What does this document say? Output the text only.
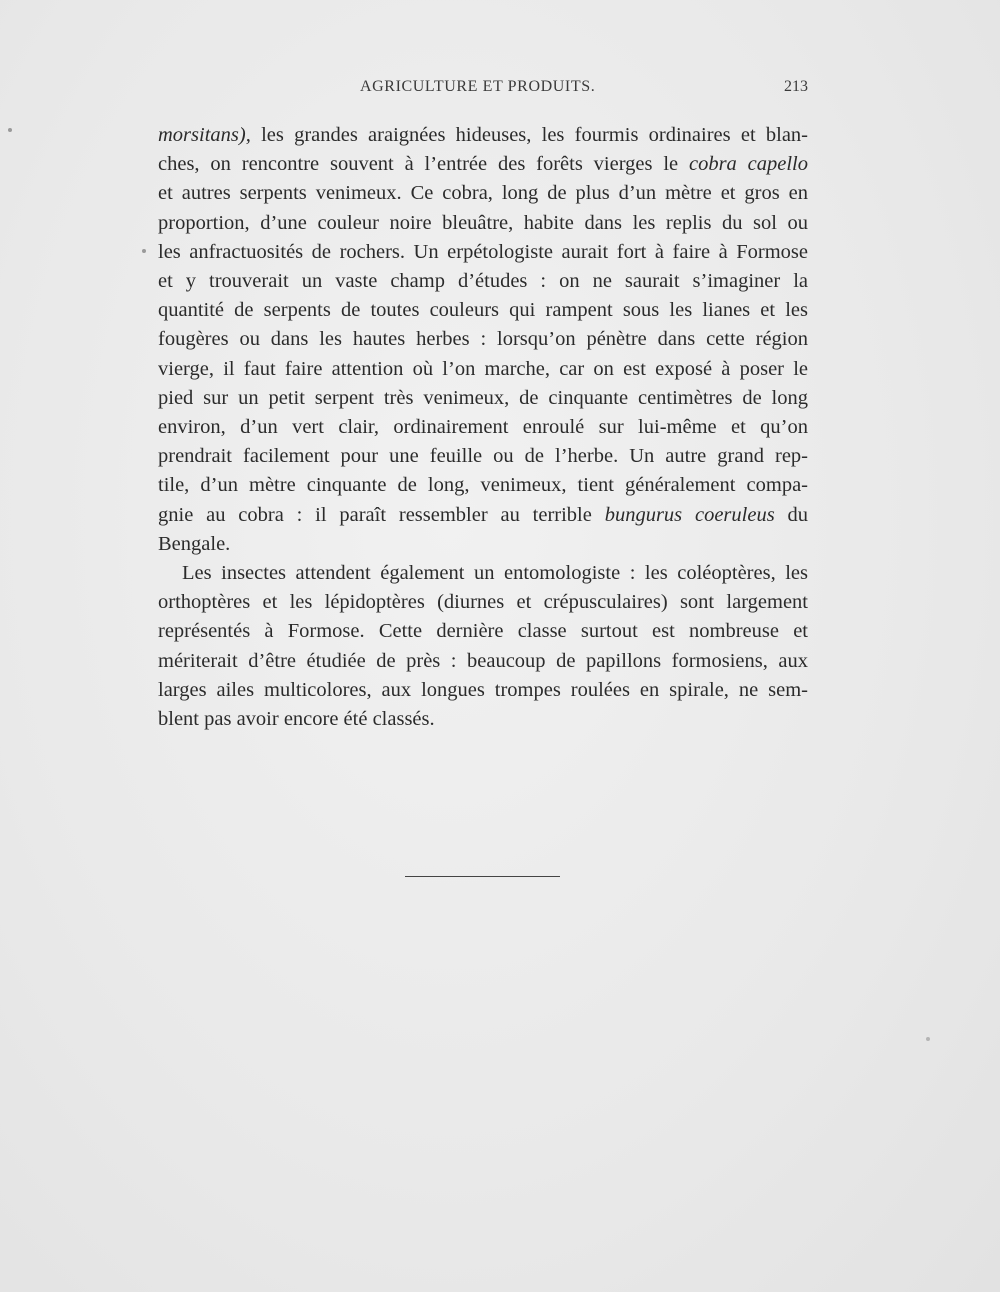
AGRICULTURE ET PRODUITS.	213

morsitans), les grandes araignées hideuses, les fourmis ordinaires et blan-
ches, on rencontre souvent à l’entrée des forêts vierges le cobra capello
et autres serpents venimeux. Ce cobra, long de plus d’un mètre et gros en
proportion, d’une couleur noire bleuâtre, habite dans les replis du sol ou
les anfractuosités de rochers. Un erpétologiste aurait fort à faire à Formose
et y trouverait un vaste champ d’études : on ne saurait s’imaginer la
quantité de serpents de toutes couleurs qui rampent sous les lianes et les
fougères ou dans les hautes herbes : lorsqu’on pénètre dans cette région
vierge, il faut faire attention où l’on marche, car on est exposé à poser le
pied sur un petit serpent très venimeux, de cinquante centimètres de long
environ, d’un vert clair, ordinairement enroulé sur lui-même et qu’on
prendrait facilement pour une feuille ou de l’herbe. Un autre grand rep-
tile, d’un mètre cinquante de long, venimeux, tient généralement compa-
gnie au cobra : il paraît ressembler au terrible bungurus coeruleus du
Bengale.

Les insectes attendent également un entomologiste : les coléoptères, les
orthoptères et les lépidoptères (diurnes et crépusculaires) sont largement
représentés à Formose. Cette dernière classe surtout est nombreuse et
mériterait d’être étudiée de près : beaucoup de papillons formosiens, aux
larges ailes multicolores, aux longues trompes roulées en spirale, ne sem-
blent pas avoir encore été classés.
